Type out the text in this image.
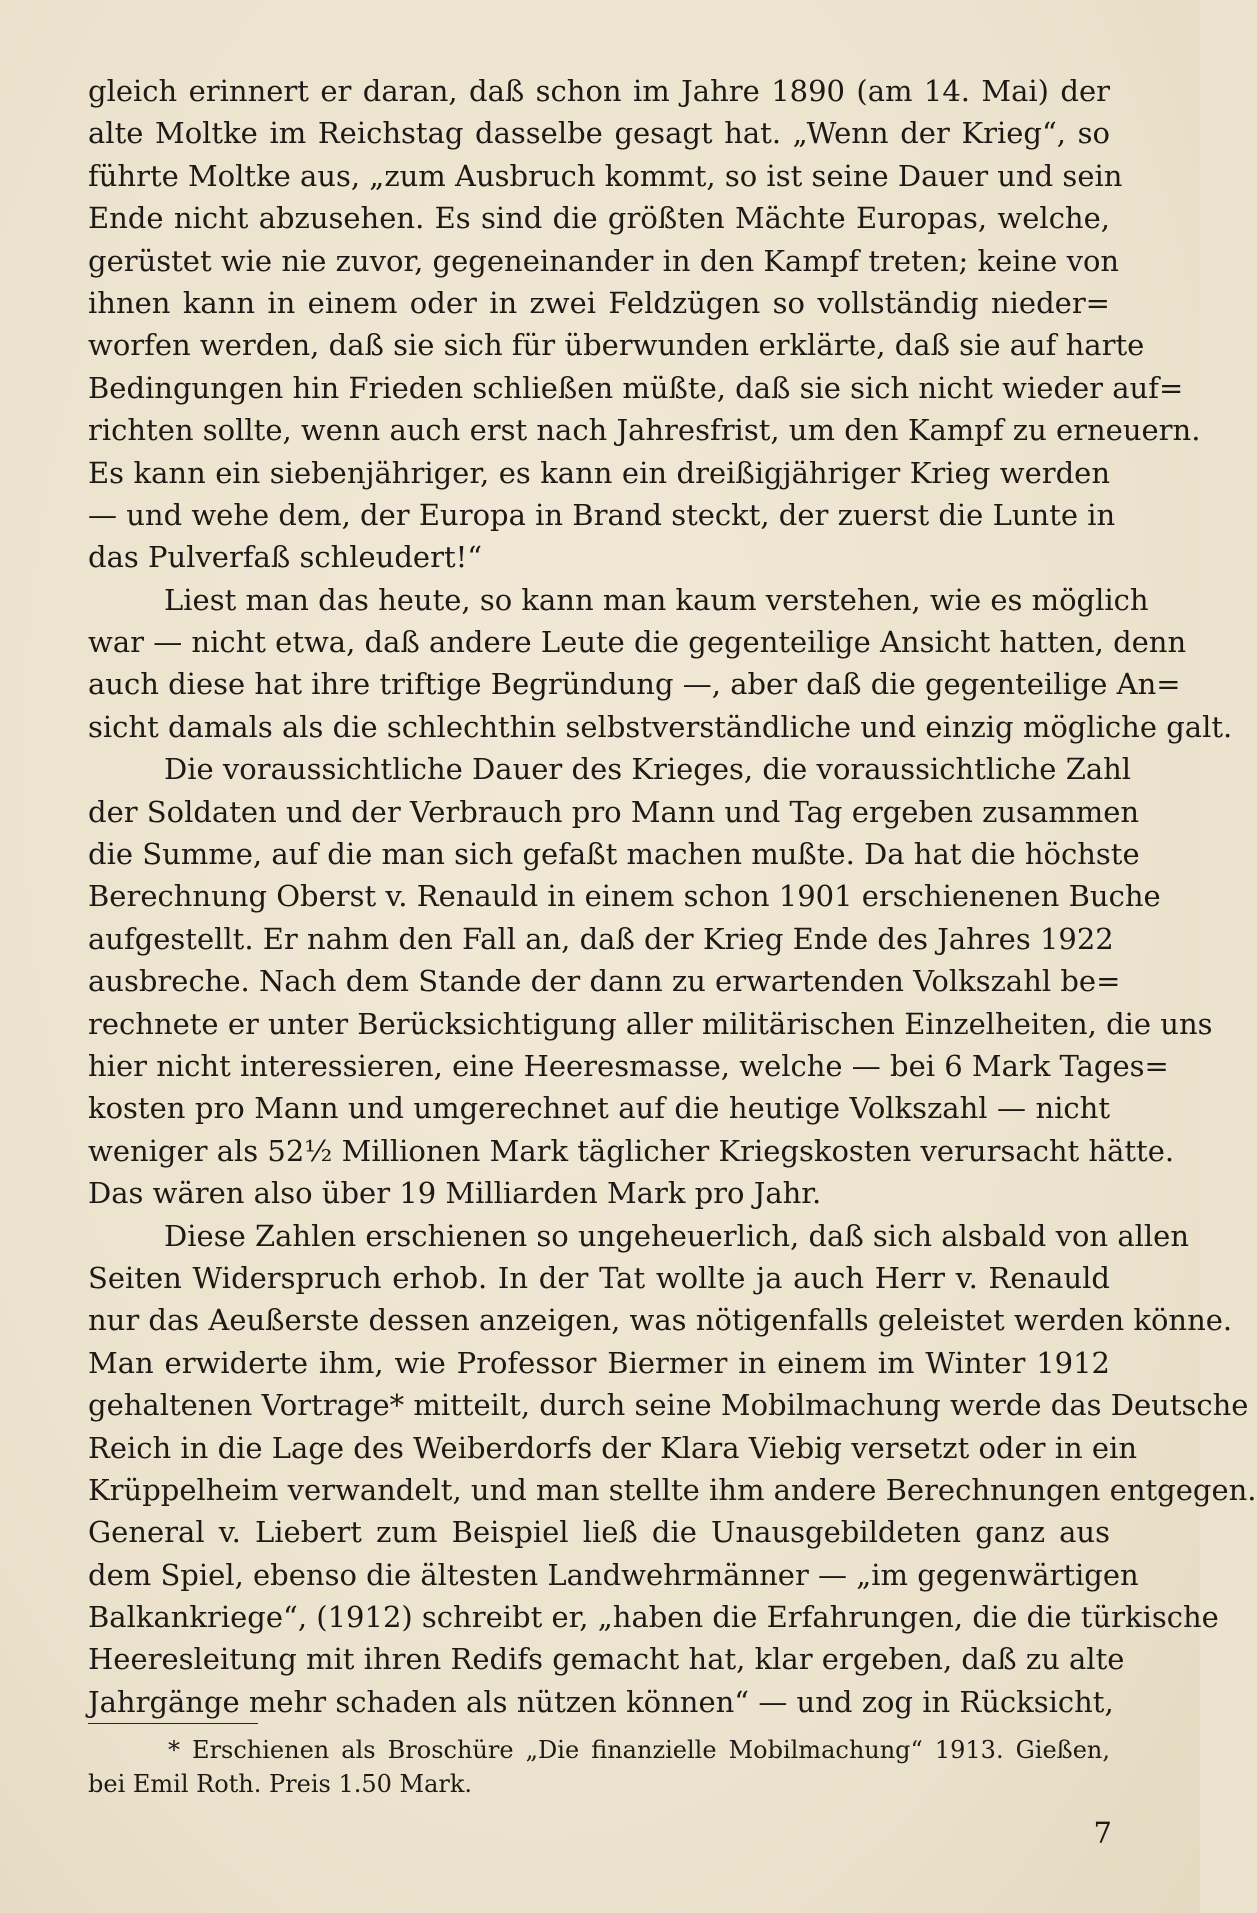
gleich erinnert er daran, daß schon im Jahre 1890 (am 14. Mai) der
alte Moltke im Reichstag dasselbe gesagt hat. „Wenn der Krieg“, so
führte Moltke aus, „zum Ausbruch kommt, so ist seine Dauer und sein
Ende nicht abzusehen. Es sind die größten Mächte Europas, welche,
gerüstet wie nie zuvor, gegeneinander in den Kampf treten; keine von
ihnen kann in einem oder in zwei Feldzügen so vollständig nieder=
worfen werden, daß sie sich für überwunden erklärte, daß sie auf harte
Bedingungen hin Frieden schließen müßte, daß sie sich nicht wieder auf=
richten sollte, wenn auch erst nach Jahresfrist, um den Kampf zu erneuern.
Es kann ein siebenjähriger, es kann ein dreißigjähriger Krieg werden
— und wehe dem, der Europa in Brand steckt, der zuerst die Lunte in
das Pulverfaß schleudert!“
Liest man das heute, so kann man kaum verstehen, wie es möglich
war — nicht etwa, daß andere Leute die gegenteilige Ansicht hatten, denn
auch diese hat ihre triftige Begründung —, aber daß die gegenteilige An=
sicht damals als die schlechthin selbstverständliche und einzig mögliche galt.
Die voraussichtliche Dauer des Krieges, die voraussichtliche Zahl
der Soldaten und der Verbrauch pro Mann und Tag ergeben zusammen
die Summe, auf die man sich gefaßt machen mußte. Da hat die höchste
Berechnung Oberst v. Renauld in einem schon 1901 erschienenen Buche
aufgestellt. Er nahm den Fall an, daß der Krieg Ende des Jahres 1922
ausbreche. Nach dem Stande der dann zu erwartenden Volkszahl be=
rechnete er unter Berücksichtigung aller militärischen Einzelheiten, die uns
hier nicht interessieren, eine Heeresmasse, welche — bei 6 Mark Tages=
kosten pro Mann und umgerechnet auf die heutige Volkszahl — nicht
weniger als 52½ Millionen Mark täglicher Kriegskosten verursacht hätte.
Das wären also über 19 Milliarden Mark pro Jahr.
Diese Zahlen erschienen so ungeheuerlich, daß sich alsbald von allen
Seiten Widerspruch erhob. In der Tat wollte ja auch Herr v. Renauld
nur das Aeußerste dessen anzeigen, was nötigenfalls geleistet werden könne.
Man erwiderte ihm, wie Professor Biermer in einem im Winter 1912
gehaltenen Vortrage* mitteilt, durch seine Mobilmachung werde das Deutsche
Reich in die Lage des Weiberdorfs der Klara Viebig versetzt oder in ein
Krüppelheim verwandelt, und man stellte ihm andere Berechnungen entgegen.
General v. Liebert zum Beispiel ließ die Unausgebildeten ganz aus
dem Spiel, ebenso die ältesten Landwehrmänner — „im gegenwärtigen
Balkankriege“, (1912) schreibt er, „haben die Erfahrungen, die die türkische
Heeresleitung mit ihren Redifs gemacht hat, klar ergeben, daß zu alte
Jahrgänge mehr schaden als nützen können“ — und zog in Rücksicht,
* Erschienen als Broschüre „Die finanzielle Mobilmachung“ 1913. Gießen,
bei Emil Roth. Preis 1.50 Mark.
7
